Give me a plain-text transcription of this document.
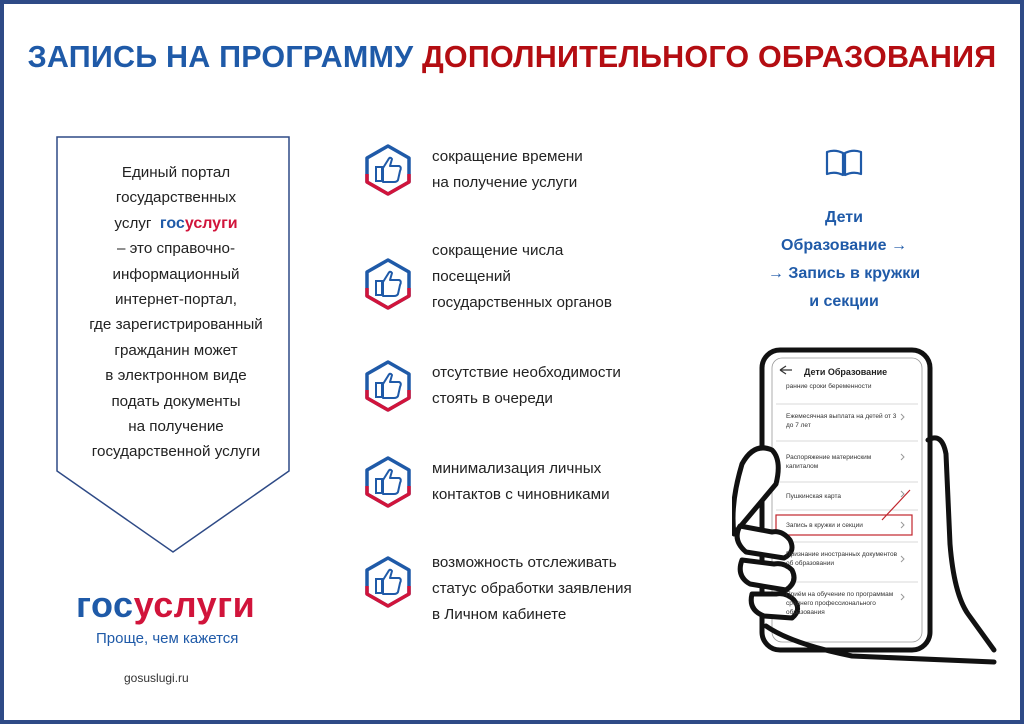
ЗАПИСЬ НА ПРОГРАММУ ДОПОЛНИТЕЛЬНОГО ОБРАЗОВАНИЯ
Единый портал
государственных
услуг госуслуги
– это справочно-
информационный
интернет-портал,
где зарегистрированный
гражданин может
в электронном виде
подать документы
на получение
государственной услуги
сокращение времени
на получение услуги
сокращение числа
посещений
государственных органов
отсутствие необходимости
стоять в очереди
минимализация личных
контактов с чиновниками
возможность отслеживать
статус обработки заявления
в Личном кабинете
госуслуги
Проще, чем кажется
gosuslugi.ru
Дети
Образование →
→ Запись в кружки
и секции
Дети Образование
ранние сроки беременности
Ежемесячная выплата на детей от 3 до 7 лет
Распоряжение материнским капиталом
Пушкинская карта
Запись в кружки и секции
Признание иностранных документов об образовании
Приём на обучение по программам среднего профессионального образования
